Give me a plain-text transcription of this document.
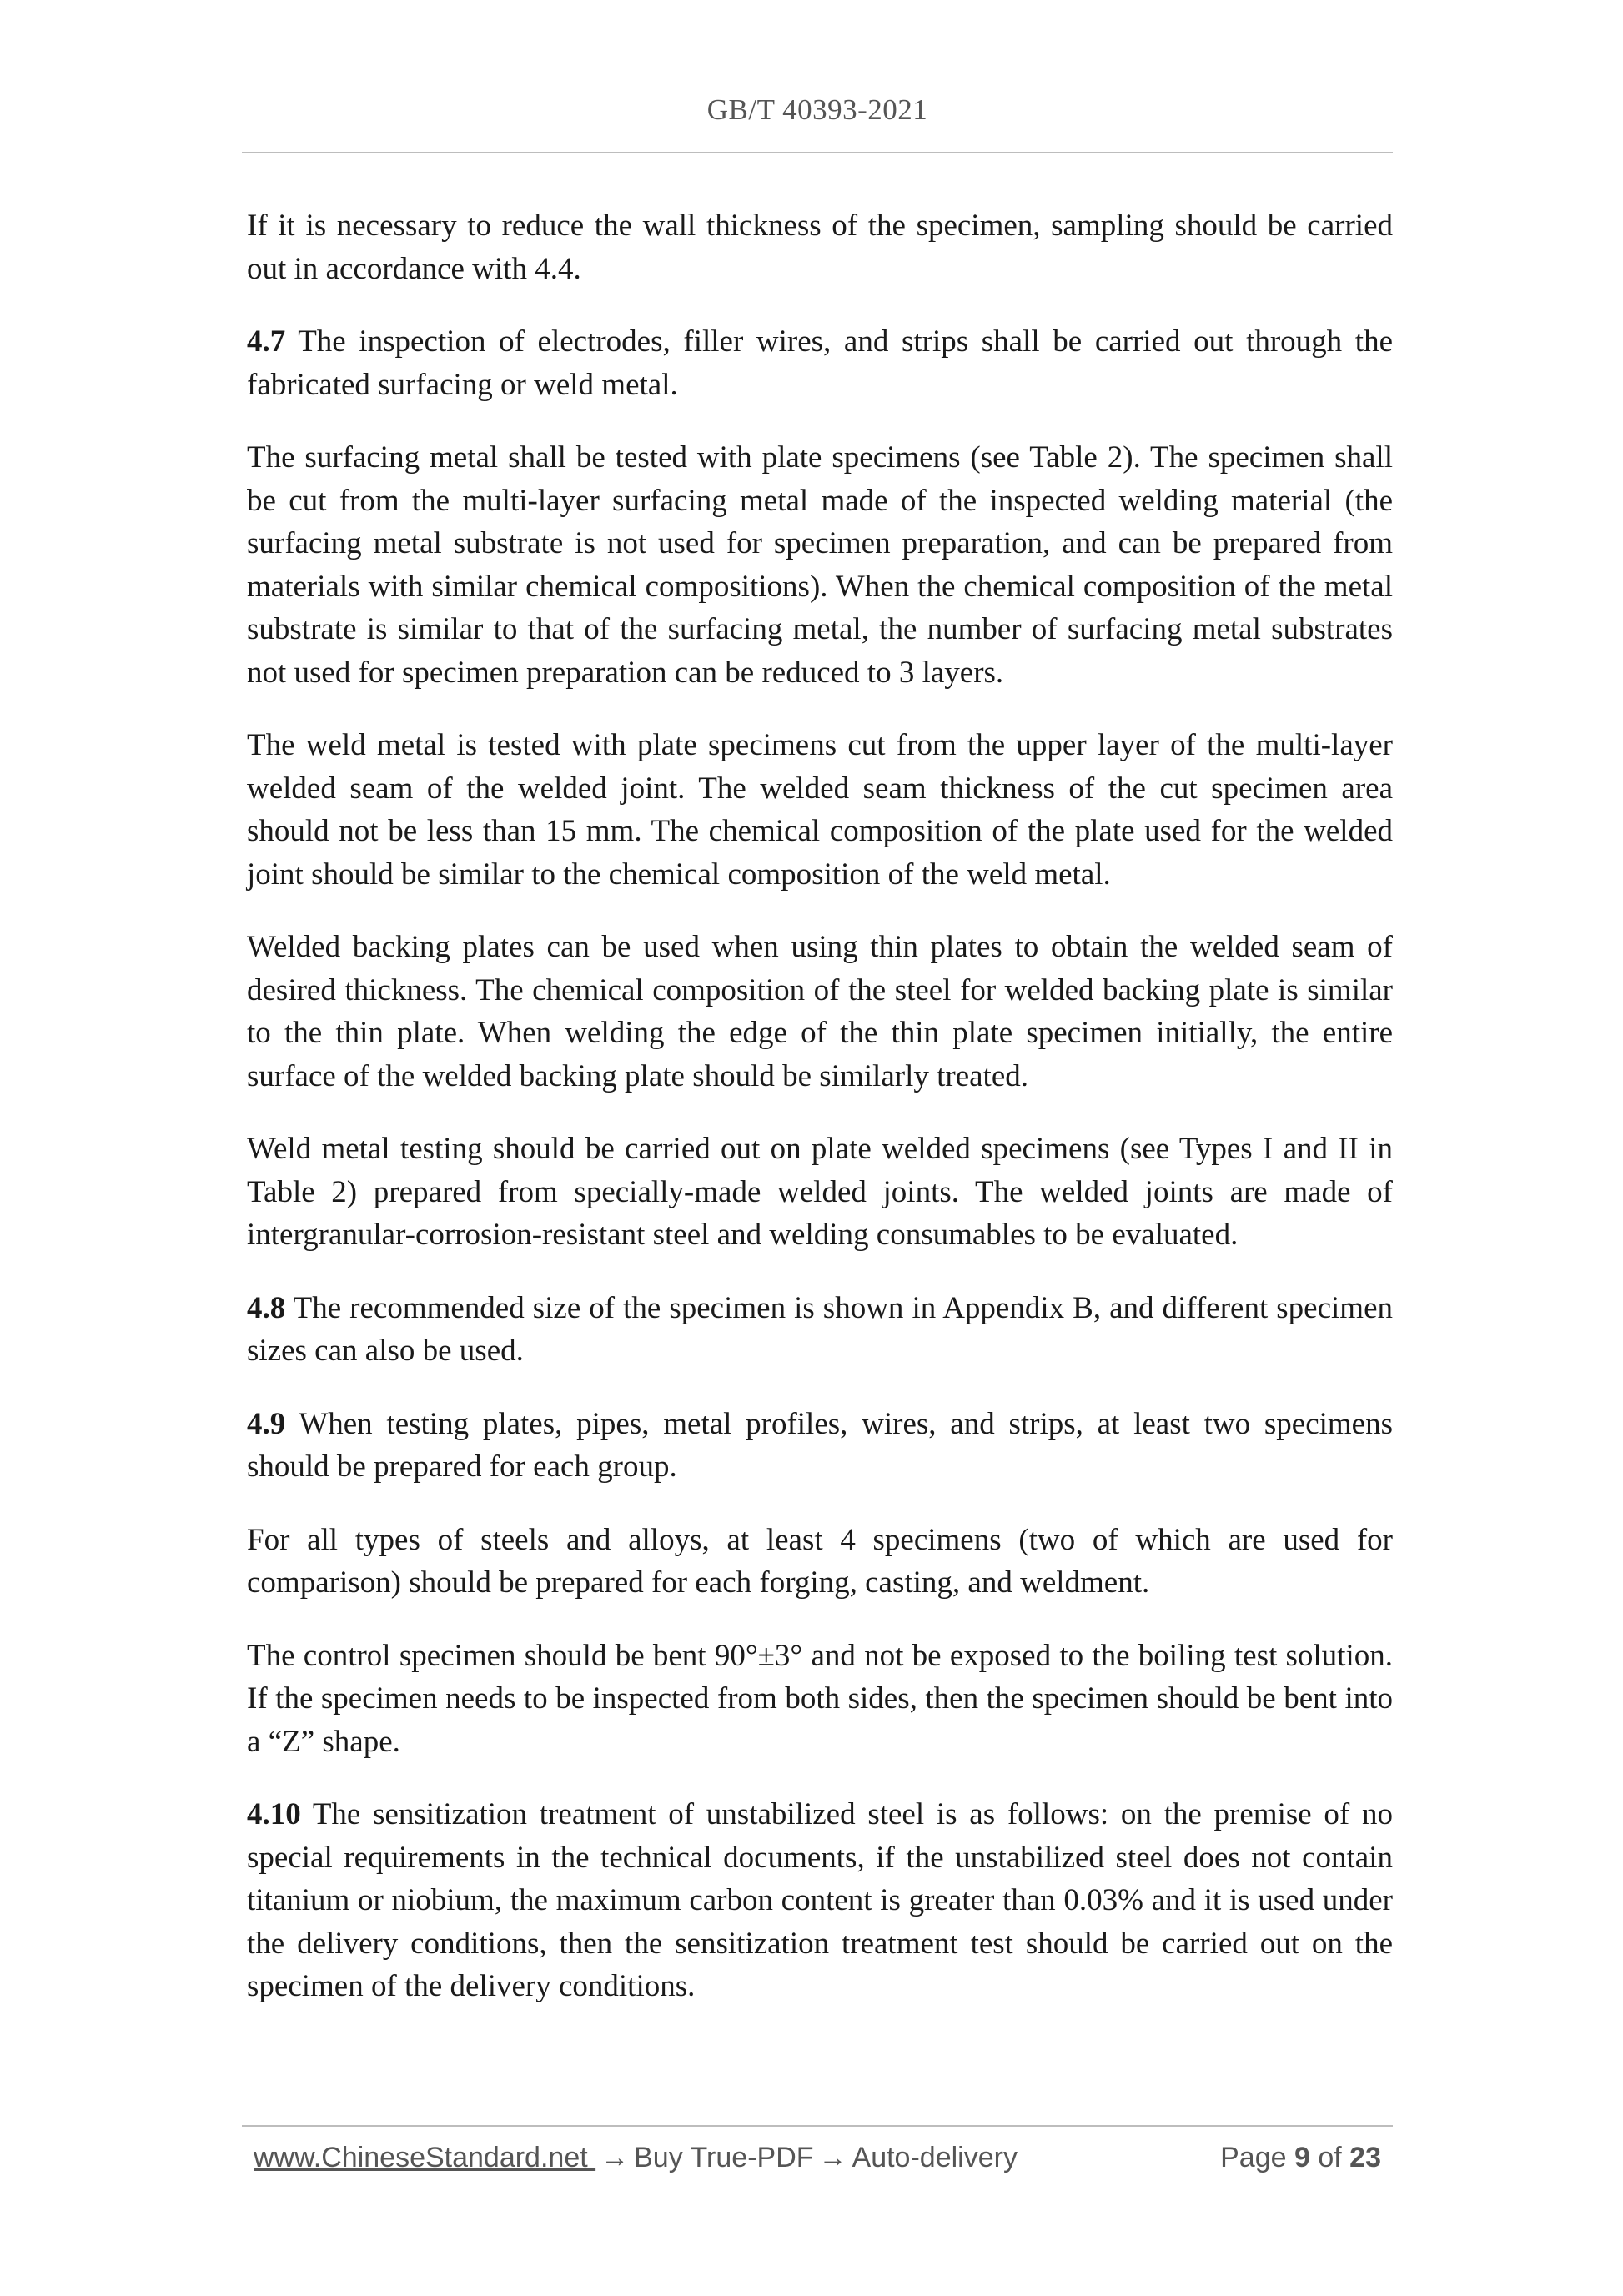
GB/T 40393-2021

If it is necessary to reduce the wall thickness of the specimen, sampling should be carried out in accordance with 4.4.

4.7 The inspection of electrodes, filler wires, and strips shall be carried out through the fabricated surfacing or weld metal.

The surfacing metal shall be tested with plate specimens (see Table 2). The specimen shall be cut from the multi-layer surfacing metal made of the inspected welding material (the surfacing metal substrate is not used for specimen preparation, and can be prepared from materials with similar chemical compositions). When the chemical composition of the metal substrate is similar to that of the surfacing metal, the number of surfacing metal substrates not used for specimen preparation can be reduced to 3 layers.

The weld metal is tested with plate specimens cut from the upper layer of the multi-layer welded seam of the welded joint. The welded seam thickness of the cut specimen area should not be less than 15 mm. The chemical composition of the plate used for the welded joint should be similar to the chemical composition of the weld metal.

Welded backing plates can be used when using thin plates to obtain the welded seam of desired thickness. The chemical composition of the steel for welded backing plate is similar to the thin plate. When welding the edge of the thin plate specimen initially, the entire surface of the welded backing plate should be similarly treated.

Weld metal testing should be carried out on plate welded specimens (see Types I and II in Table 2) prepared from specially-made welded joints. The welded joints are made of intergranular-corrosion-resistant steel and welding consumables to be evaluated.

4.8 The recommended size of the specimen is shown in Appendix B, and different specimen sizes can also be used.

4.9 When testing plates, pipes, metal profiles, wires, and strips, at least two specimens should be prepared for each group.

For all types of steels and alloys, at least 4 specimens (two of which are used for comparison) should be prepared for each forging, casting, and weldment.

The control specimen should be bent 90°±3° and not be exposed to the boiling test solution. If the specimen needs to be inspected from both sides, then the specimen should be bent into a “Z” shape.

4.10 The sensitization treatment of unstabilized steel is as follows: on the premise of no special requirements in the technical documents, if the unstabilized steel does not contain titanium or niobium, the maximum carbon content is greater than 0.03% and it is used under the delivery conditions, then the sensitization treatment test should be carried out on the specimen of the delivery conditions.

www.ChineseStandard.net → Buy True-PDF → Auto-delivery	Page 9 of 23
